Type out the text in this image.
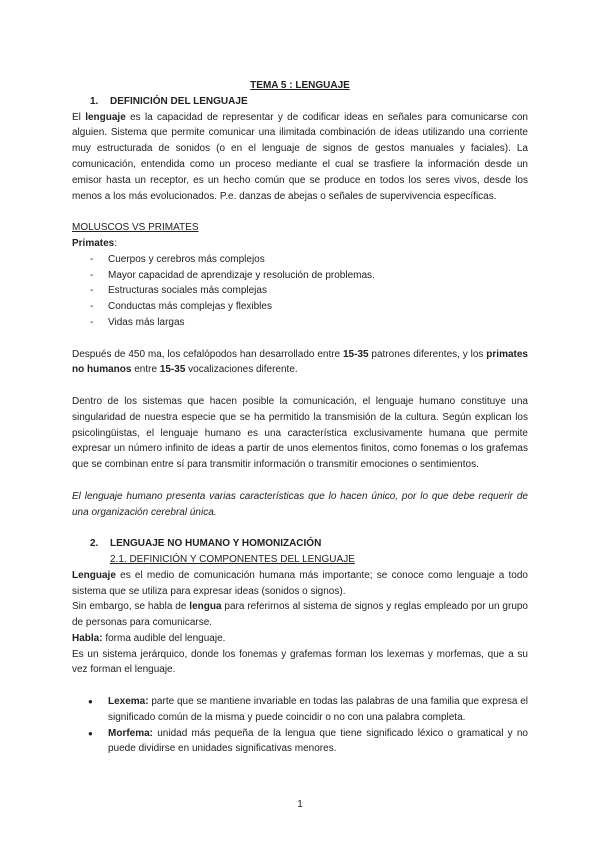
TEMA 5 : LENGUAJE

1. DEFINICIÓN DEL LENGUAJE

El lenguaje es la capacidad de representar y de codificar ideas en señales para comunicarse con alguien. Sistema que permite comunicar una ilimitada combinación de ideas utilizando una corriente muy estructurada de sonidos (o en el lenguaje de signos de gestos manuales y faciales). La comunicación, entendida como un proceso mediante el cual se trasfiere la información desde un emisor hasta un receptor, es un hecho común que se produce en todos los seres vivos, desde los menos a los más evolucionados. P.e. danzas de abejas o señales de supervivencia específicas.

MOLUSCOS VS PRIMATES

Primates:

- Cuerpos y cerebros más complejos
- Mayor capacidad de aprendizaje y resolución de problemas.
- Estructuras sociales más complejas
- Conductas más complejas y flexibles
- Vidas más largas

Después de 450 ma, los cefalópodos han desarrollado entre 15-35 patrones diferentes, y los primates no humanos entre 15-35 vocalizaciones diferente.

Dentro de los sistemas que hacen posible la comunicación, el lenguaje humano constituye una singularidad de nuestra especie que se ha permitido la transmisión de la cultura. Según explican los psicolingüistas, el lenguaje humano es una característica exclusivamente humana que permite expresar un número infinito de ideas a partir de unos elementos finitos, como fonemas o los grafemas que se combinan entre sí para transmitir información o transmitir emociones o sentimientos.

El lenguaje humano presenta varias características que lo hacen único, por lo que debe requerir de una organización cerebral única.

2. LENGUAJE NO HUMANO Y HOMONIZACIÓN

2.1. DEFINICIÓN Y COMPONENTES DEL LENGUAJE

Lenguaje es el medio de comunicación humana más importante; se conoce como lenguaje a todo sistema que se utiliza para expresar ideas (sonidos o signos).

Sin embargo, se habla de lengua para referirnos al sistema de signos y reglas empleado por un grupo de personas para comunicarse.

Habla: forma audible del lenguaje.

Es un sistema jerárquico, donde los fonemas y grafemas forman los lexemas y morfemas, que a su vez forman el lenguaje.

● Lexema: parte que se mantiene invariable en todas las palabras de una familia que expresa el significado común de la misma y puede coincidir o no con una palabra completa.
● Morfema: unidad más pequeña de la lengua que tiene significado léxico o gramatical y no puede dividirse en unidades significativas menores.
1
